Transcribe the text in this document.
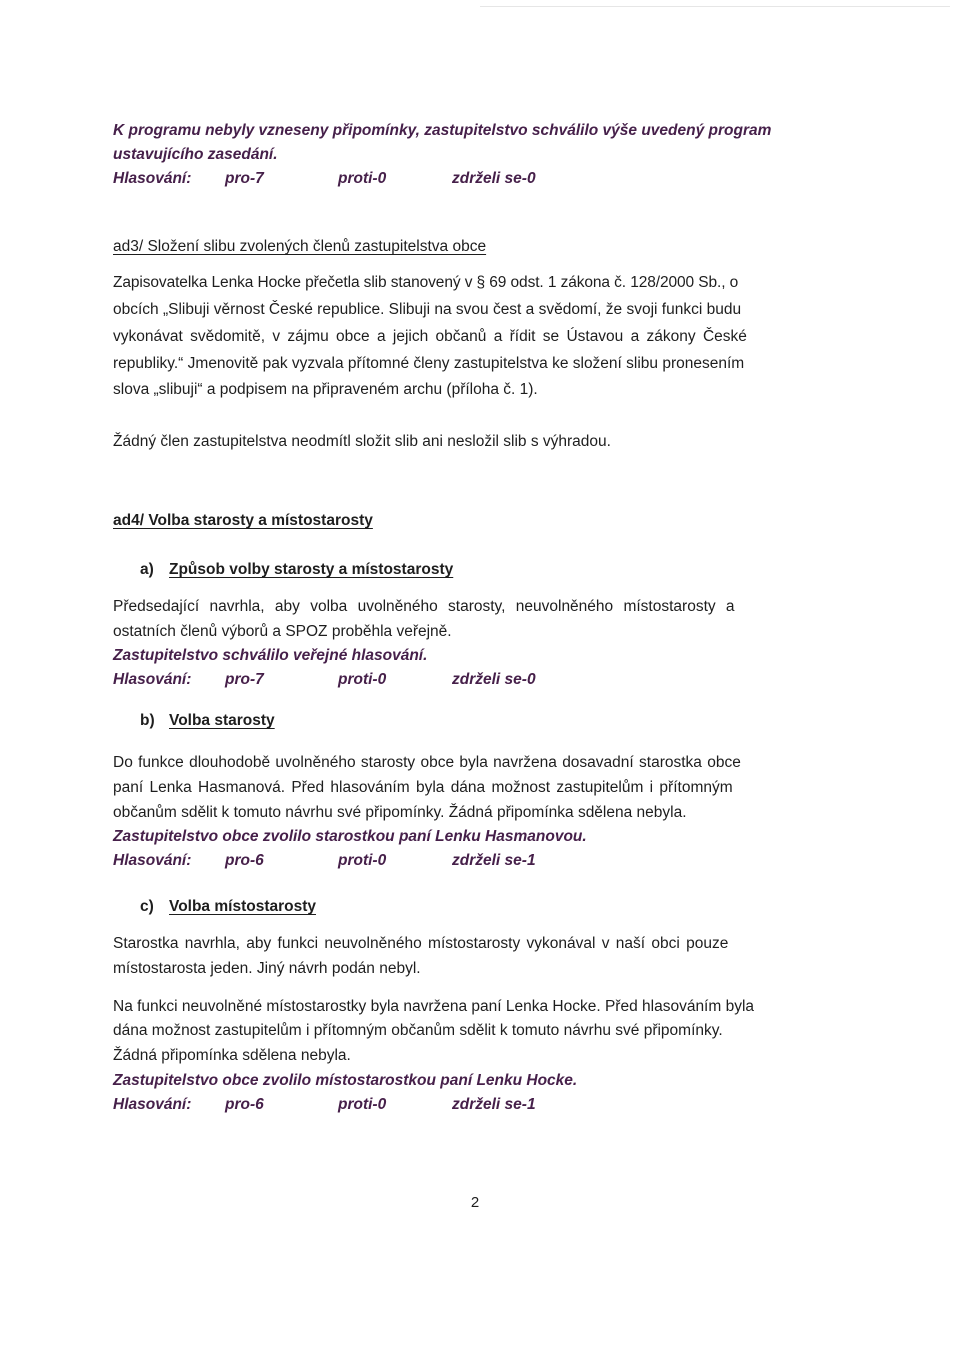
K programu nebyly vzneseny připomínky, zastupitelstvo schválilo výše uvedený program

ustavujícího zasedání.

Hlasování: pro-7	proti-0	zdrželi se-0

ad3/ Složení slibu zvolených členů zastupitelstva obce

Zapisovatelka Lenka Hocke přečetla slib stanovený v § 69 odst. 1 zákona č. 128/2000 Sb., o

obcích „Slibuji věrnost České republice. Slibuji na svou čest a svědomí, že svoji funkci budu

vykonávat svědomitě, v zájmu obce a jejich občanů a řídit se Ústavou a zákony České

republiky.“ Jmenovitě pak vyzvala přítomné členy zastupitelstva ke složení slibu pronesením

slova „slibuji“ a podpisem na připraveném archu (příloha č. 1).

Žádný člen zastupitelstva neodmítl složit slib ani nesložil slib s výhradou.

ad4/ Volba starosty a místostarosty

a) Způsob volby starosty a místostarosty

Předsedající navrhla, aby volba uvolněného starosty, neuvolněného místostarosty a

ostatních členů výborů a SPOZ proběhla veřejně.

Zastupitelstvo schválilo veřejné hlasování.

Hlasování: pro-7	proti-0	zdrželi se-0
b) Volba starosty

Do funkce dlouhodobě uvolněného starosty obce byla navržena dosavadní starostka obce

paní Lenka Hasmanová. Před hlasováním byla dána možnost zastupitelům i přítomným

občanům sdělit k tomuto návrhu své připomínky. Žádná připomínka sdělena nebyla.

Zastupitelstvo obce zvolilo starostkou paní Lenku Hasmanovou.

Hlasování: pro-6	proti-0	zdrželi se-1
c) Volba místostarosty

Starostka navrhla, aby funkci neuvolněného místostarosty vykonával v naší obci pouze

místostarosta jeden. Jiný návrh podán nebyl.

Na funkci neuvolněné místostarostky byla navržena paní Lenka Hocke. Před hlasováním byla

dána možnost zastupitelům i přítomným občanům sdělit k tomuto návrhu své připomínky.

Žádná připomínka sdělena nebyla.

Zastupitelstvo obce zvolilo místostarostkou paní Lenku Hocke.

Hlasování: pro-6	proti-0	zdrželi se-1
2
